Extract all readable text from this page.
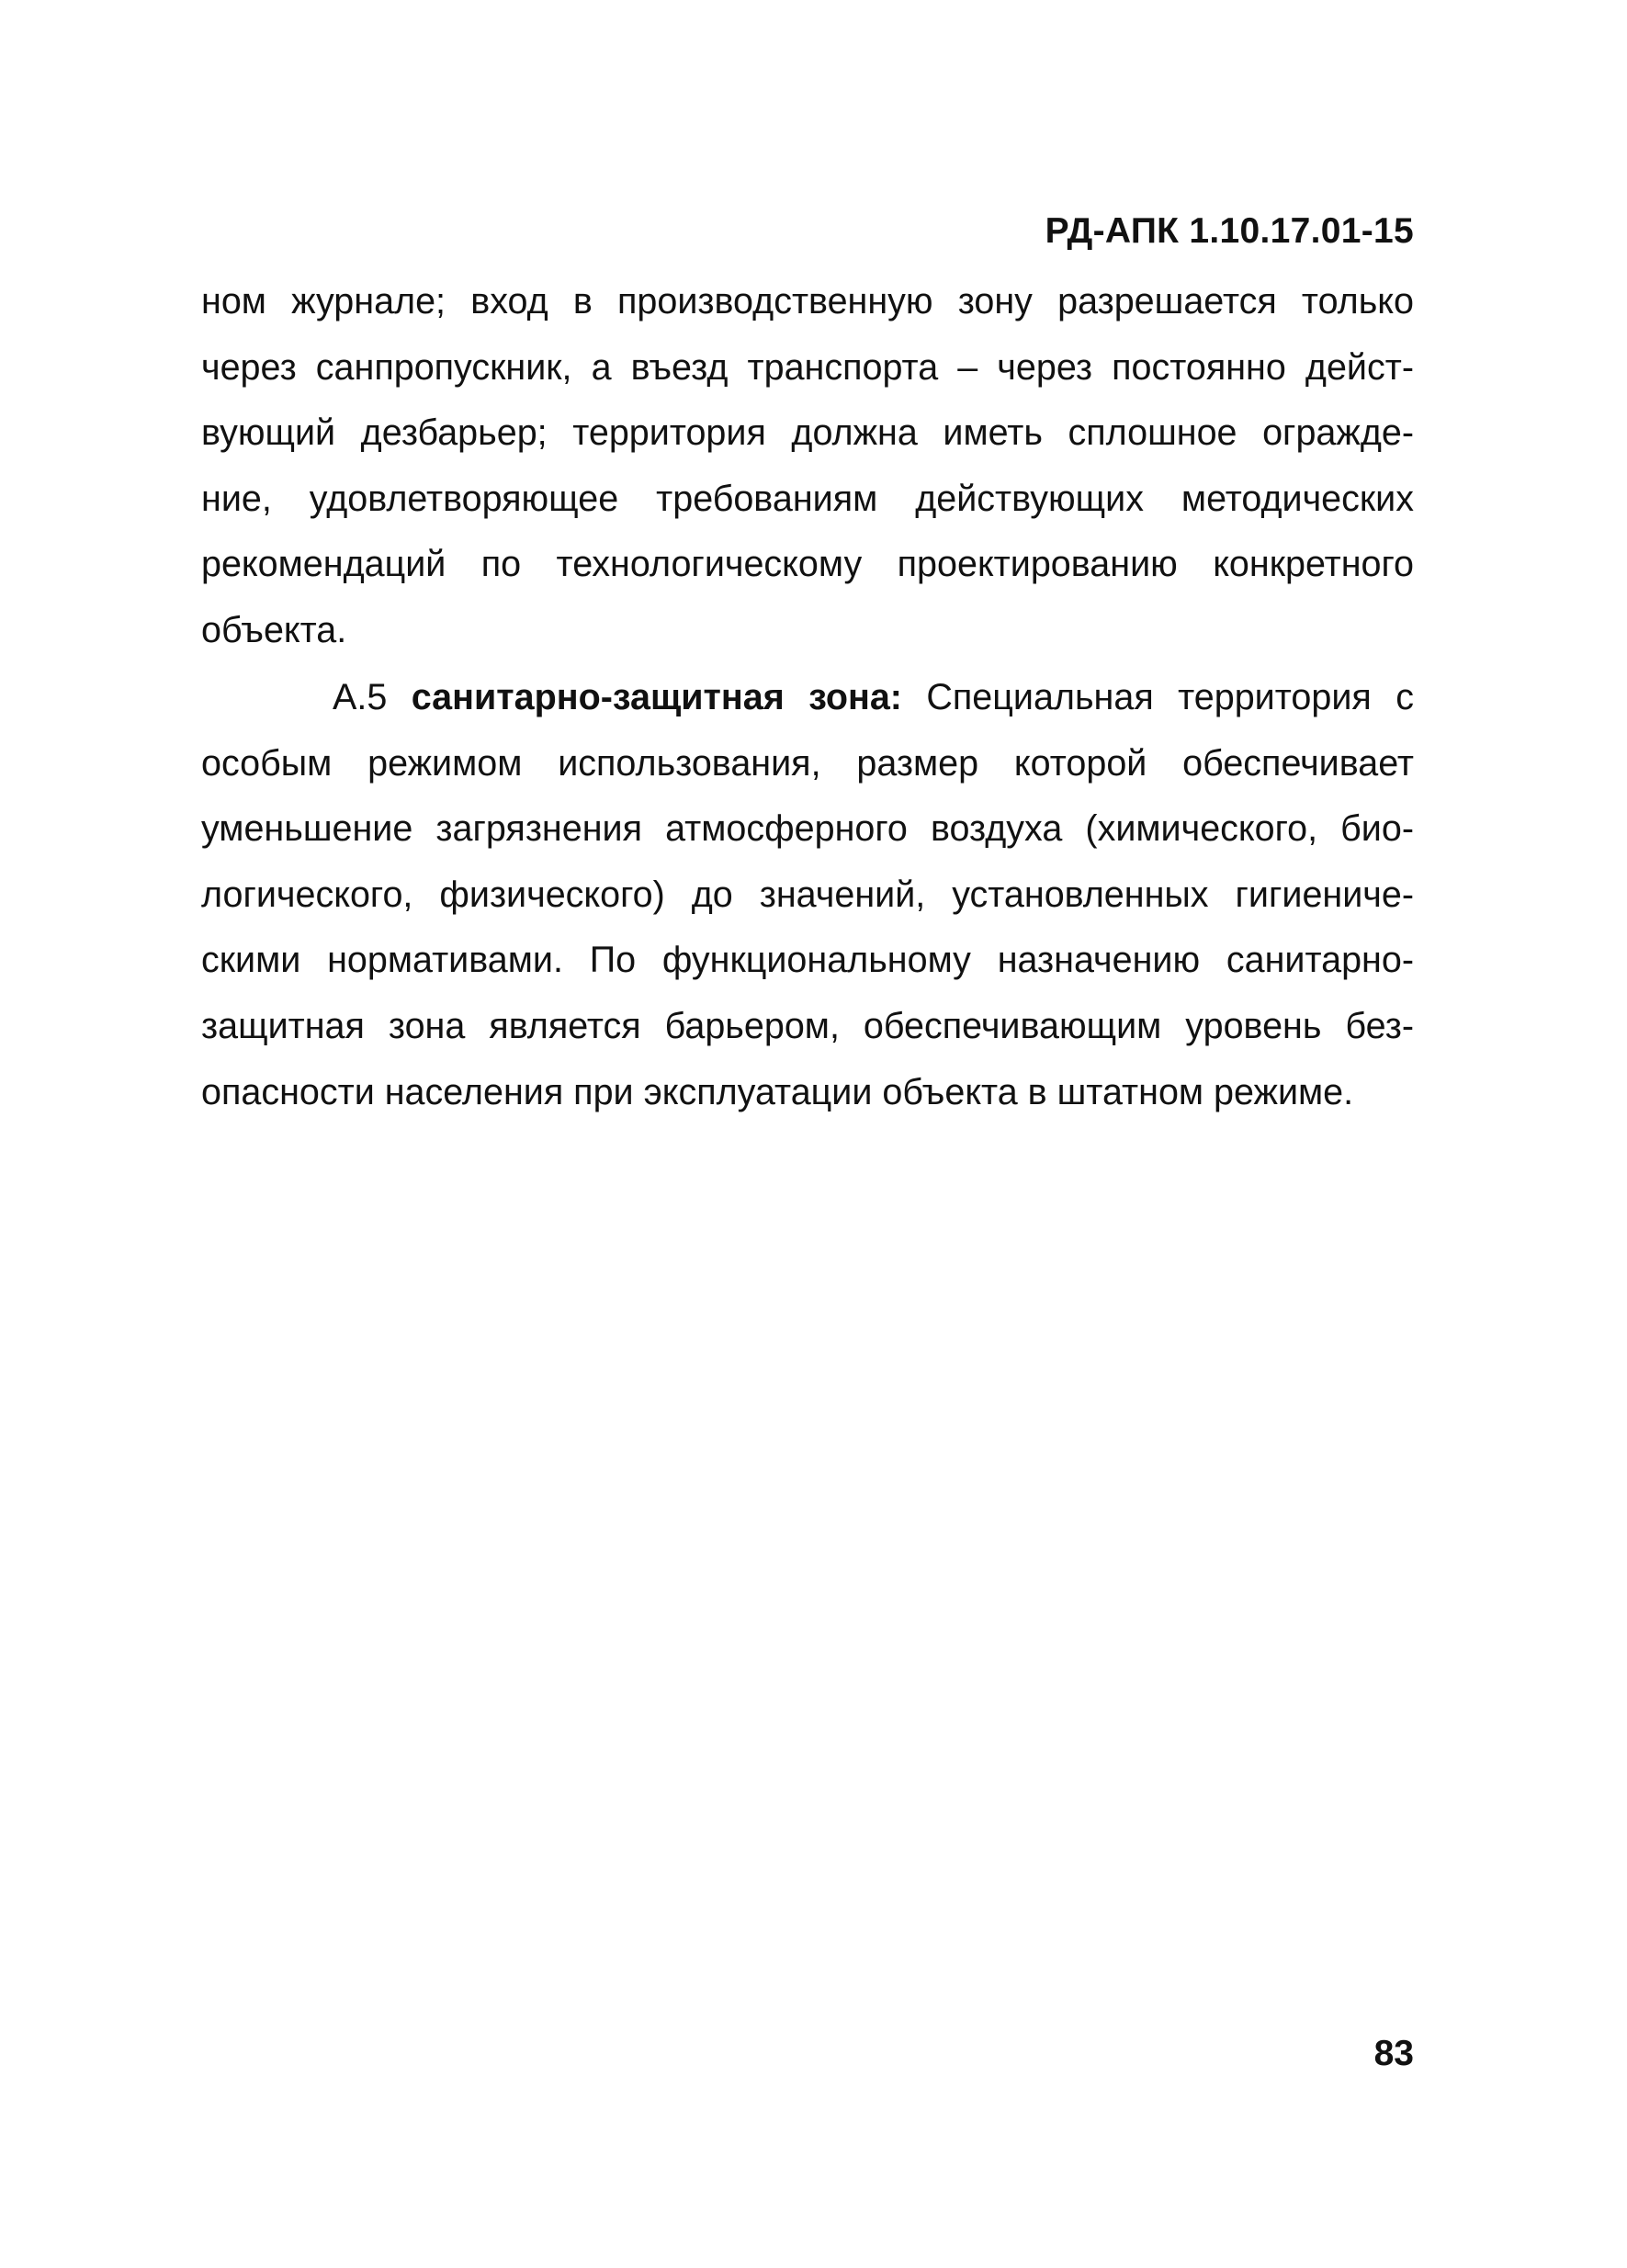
РД-АПК 1.10.17.01-15
ном журнале; вход в производственную зону разрешается только
через санпропускник, а въезд транспорта – через постоянно дейст-
вующий дезбарьер; территория должна иметь сплошное огражде-
ние, удовлетворяющее требованиям действующих методических
рекомендаций по технологическому проектированию конкретного
объекта.
А.5 санитарно-защитная зона: Специальная территория с
особым режимом использования, размер которой обеспечивает
уменьшение загрязнения атмосферного воздуха (химического, био-
логического, физического) до значений, установленных гигиениче-
скими нормативами. По функциональному назначению санитарно-
защитная зона является барьером, обеспечивающим уровень без-
опасности населения при эксплуатации объекта в штатном режиме.
83
